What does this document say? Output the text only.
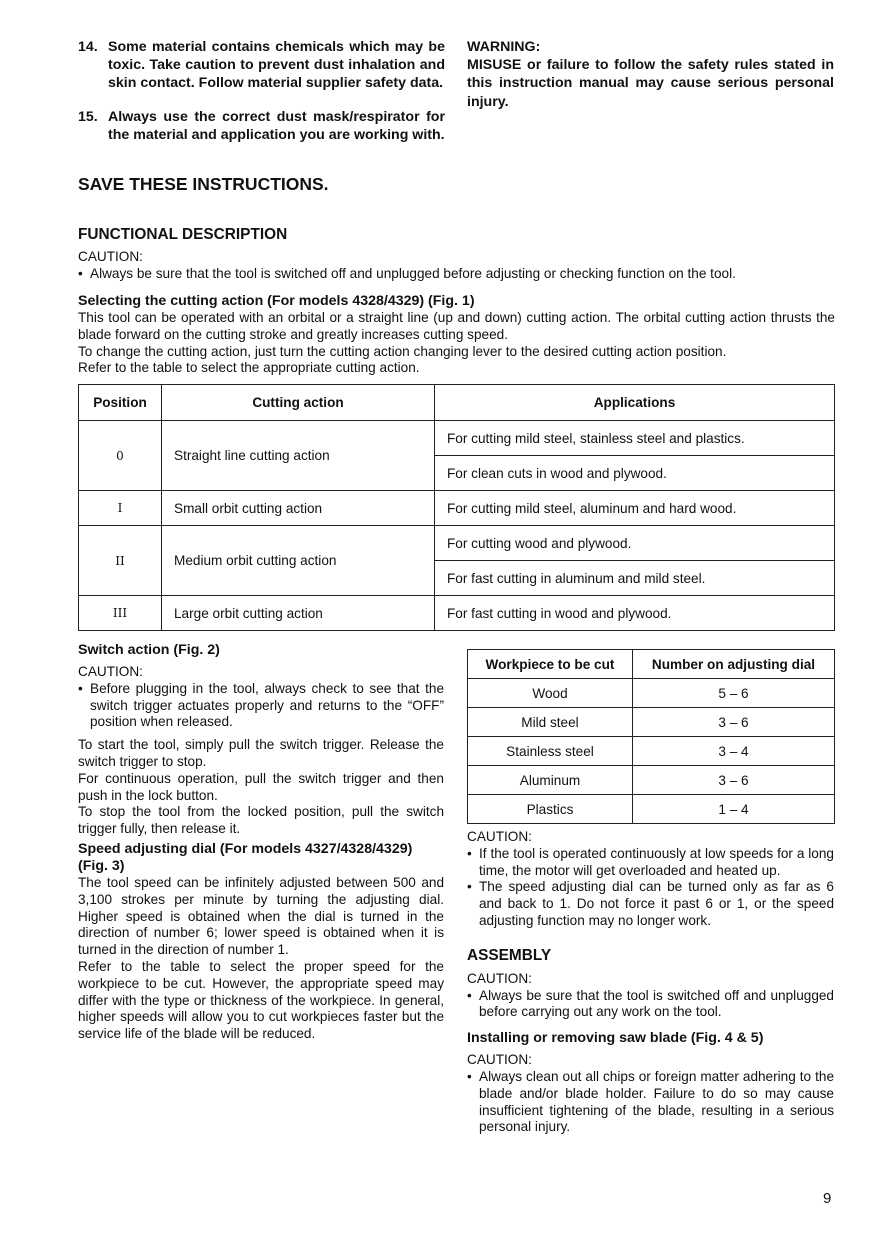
14. Some material contains chemicals which may be toxic. Take caution to prevent dust inhalation and skin contact. Follow material supplier safety data.
15. Always use the correct dust mask/respirator for the material and application you are working with.
WARNING:
MISUSE or failure to follow the safety rules stated in this instruction manual may cause serious personal injury.
SAVE THESE INSTRUCTIONS.
FUNCTIONAL DESCRIPTION
CAUTION:
• Always be sure that the tool is switched off and unplugged before adjusting or checking function on the tool.
Selecting the cutting action (For models 4328/4329) (Fig. 1)
This tool can be operated with an orbital or a straight line (up and down) cutting action. The orbital cutting action thrusts the blade forward on the cutting stroke and greatly increases cutting speed.
To change the cutting action, just turn the cutting action changing lever to the desired cutting action position.
Refer to the table to select the appropriate cutting action.
Position	Cutting action	Applications
0	Straight line cutting action	For cutting mild steel, stainless steel and plastics.
		For clean cuts in wood and plywood.
I	Small orbit cutting action	For cutting mild steel, aluminum and hard wood.
II	Medium orbit cutting action	For cutting wood and plywood.
		For fast cutting in aluminum and mild steel.
III	Large orbit cutting action	For fast cutting in wood and plywood.
Switch action (Fig. 2)
CAUTION:
• Before plugging in the tool, always check to see that the switch trigger actuates properly and returns to the “OFF” position when released.
To start the tool, simply pull the switch trigger. Release the switch trigger to stop.
For continuous operation, pull the switch trigger and then push in the lock button.
To stop the tool from the locked position, pull the switch trigger fully, then release it.
Speed adjusting dial (For models 4327/4328/4329) (Fig. 3)
The tool speed can be infinitely adjusted between 500 and 3,100 strokes per minute by turning the adjusting dial. Higher speed is obtained when the dial is turned in the direction of number 6; lower speed is obtained when it is turned in the direction of number 1.
Refer to the table to select the proper speed for the workpiece to be cut. However, the appropriate speed may differ with the type or thickness of the workpiece. In general, higher speeds will allow you to cut workpieces faster but the service life of the blade will be reduced.
Workpiece to be cut	Number on adjusting dial
Wood	5 – 6
Mild steel	3 – 6
Stainless steel	3 – 4
Aluminum	3 – 6
Plastics	1 – 4
CAUTION:
• If the tool is operated continuously at low speeds for a long time, the motor will get overloaded and heated up.
• The speed adjusting dial can be turned only as far as 6 and back to 1. Do not force it past 6 or 1, or the speed adjusting function may no longer work.
ASSEMBLY
CAUTION:
• Always be sure that the tool is switched off and unplugged before carrying out any work on the tool.
Installing or removing saw blade (Fig. 4 & 5)
CAUTION:
• Always clean out all chips or foreign matter adhering to the blade and/or blade holder. Failure to do so may cause insufficient tightening of the blade, resulting in a serious personal injury.
9
